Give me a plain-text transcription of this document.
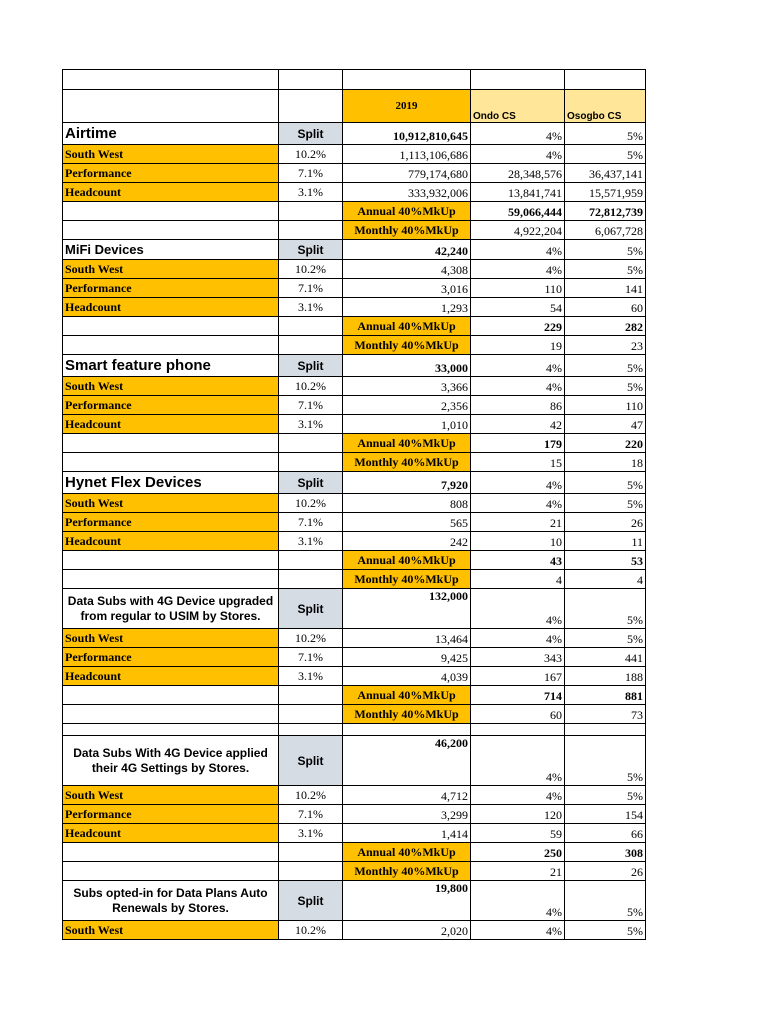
		2019	Ondo CS	Osogbo CS
Airtime	Split	10,912,810,645	4%	5%
South West	10.2%	1,113,106,686	4%	5%
Performance	7.1%	779,174,680	28,348,576	36,437,141
Headcount	3.1%	333,932,006	13,841,741	15,571,959
		Annual 40%MkUp	59,066,444	72,812,739
		Monthly 40%MkUp	4,922,204	6,067,728
MiFi Devices	Split	42,240	4%	5%
South West	10.2%	4,308	4%	5%
Performance	7.1%	3,016	110	141
Headcount	3.1%	1,293	54	60
		Annual 40%MkUp	229	282
		Monthly 40%MkUp	19	23
Smart feature phone	Split	33,000	4%	5%
South West	10.2%	3,366	4%	5%
Performance	7.1%	2,356	86	110
Headcount	3.1%	1,010	42	47
		Annual 40%MkUp	179	220
		Monthly 40%MkUp	15	18
Hynet Flex Devices	Split	7,920	4%	5%
South West	10.2%	808	4%	5%
Performance	7.1%	565	21	26
Headcount	3.1%	242	10	11
		Annual 40%MkUp	43	53
		Monthly 40%MkUp	4	4
Data Subs with 4G Device upgraded from regular to USIM by Stores.	Split	132,000	4%	5%
South West	10.2%	13,464	4%	5%
Performance	7.1%	9,425	343	441
Headcount	3.1%	4,039	167	188
		Annual 40%MkUp	714	881
		Monthly 40%MkUp	60	73

Data Subs With 4G Device applied their 4G Settings by Stores.	Split	46,200	4%	5%
South West	10.2%	4,712	4%	5%
Performance	7.1%	3,299	120	154
Headcount	3.1%	1,414	59	66
		Annual 40%MkUp	250	308
		Monthly 40%MkUp	21	26
Subs opted-in for Data Plans Auto Renewals by Stores.	Split	19,800	4%	5%
South West	10.2%	2,020	4%	5%
